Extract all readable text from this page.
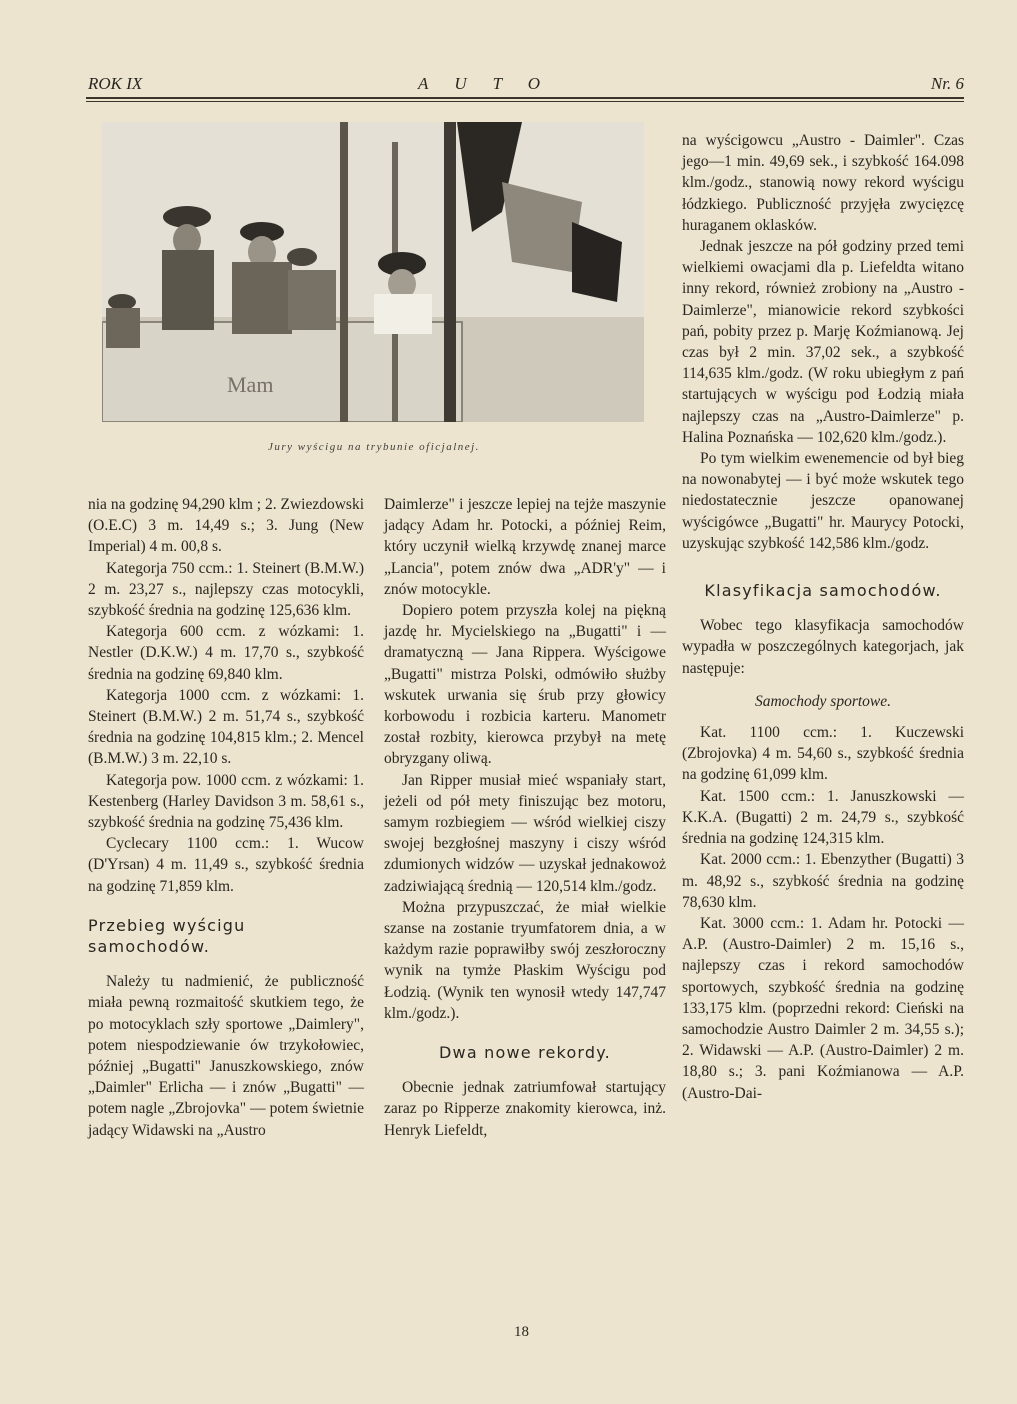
ROK IX	AUTO	Nr. 6
Mam
Jury wyścigu na trybunie oficjalnej.

nia na godzinę 94,290 klm ; 2. Zwiezdowski (O.E.C) 3 m. 14,49 s.; 3. Jung (New Imperial) 4 m. 00,8 s.

Kategorja 750 ccm.: 1. Steinert (B.M.W.) 2 m. 23,27 s., najlepszy czas motocykli, szybkość średnia na godzinę 125,636 klm.

Kategorja 600 ccm. z wózkami: 1. Nestler (D.K.W.) 4 m. 17,70 s., szybkość średnia na godzinę 69,840 klm.

Kategorja 1000 ccm. z wózkami: 1. Steinert (B.M.W.) 2 m. 51,74 s., szybkość średnia na godzinę 104,815 klm.; 2. Mencel (B.M.W.) 3 m. 22,10 s.

Kategorja pow. 1000 ccm. z wózkami: 1. Kestenberg (Harley Davidson 3 m. 58,61 s., szybkość średnia na godzinę 75,436 klm.

Cyclecary 1100 ccm.: 1. Wucow (D'Yrsan) 4 m. 11,49 s., szybkość średnia na godzinę 71,859 klm.

Przebieg wyścigu samochodów.

Należy tu nadmienić, że publiczność miała pewną rozmaitość skutkiem tego, że po motocyklach szły sportowe „Daimlery", potem niespodziewanie ów trzykołowiec, później „Bugatti" Januszkowskiego, znów „Daimler" Erlicha — i znów „Bugatti" — potem nagle „Zbrojovka" — potem świetnie jadący Widawski na „Austro

Daimlerze" i jeszcze lepiej na tejże maszynie jadący Adam hr. Potocki, a później Reim, który uczynił wielką krzywdę znanej marce „Lancia", potem znów dwa „ADR'y" — i znów motocykle.

Dopiero potem przyszła kolej na piękną jazdę hr. Mycielskiego na „Bugatti" i — dramatyczną — Jana Rippera. Wyścigowe „Bugatti" mistrza Polski, odmówiło służby wskutek urwania się śrub przy głowicy korbowodu i rozbicia karteru. Manometr został rozbity, kierowca przybył na metę obryzgany oliwą.

Jan Ripper musiał mieć wspaniały start, jeżeli od pół mety finiszując bez motoru, samym rozbiegiem — wśród wielkiej ciszy swojej bezgłośnej maszyny i ciszy wśród zdumionych widzów — uzyskał jednakowoż zadziwiającą średnią — 120,514 klm./godz.

Można przypuszczać, że miał wielkie szanse na zostanie tryumfatorem dnia, a w każdym razie poprawiłby swój zeszłoroczny wynik na tymże Płaskim Wyścigu pod Łodzią. (Wynik ten wynosił wtedy 147,747 klm./godz.).

Dwa nowe rekordy.

Obecnie jednak zatriumfował startujący zaraz po Ripperze znakomity kierowca, inż. Henryk Liefeldt,

na wyścigowcu „Austro - Daimler". Czas jego—1 min. 49,69 sek., i szybkość 164.098 klm./godz., stanowią nowy rekord wyścigu łódzkiego. Publiczność przyjęła zwycięzcę huraganem oklasków.

Jednak jeszcze na pół godziny przed temi wielkiemi owacjami dla p. Liefeldta witano inny rekord, również zrobiony na „Austro - Daimlerze", mianowicie rekord szybkości pań, pobity przez p. Marję Koźmianową. Jej czas był 2 min. 37,02 sek., a szybkość 114,635 klm./godz. (W roku ubiegłym z pań startujących w wyścigu pod Łodzią miała najlepszy czas na „Austro-Daimlerze" p. Halina Poznańska — 102,620 klm./godz.).

Po tym wielkim ewenemencie od był bieg na nowonabytej — i być może wskutek tego niedostatecznie jeszcze opanowanej wyścigówce „Bugatti" hr. Maurycy Potocki, uzyskując szybkość 142,586 klm./godz.

Klasyfikacja samochodów.

Wobec tego klasyfikacja samochodów wypadła w poszczególnych kategorjach, jak następuje:

Samochody sportowe.

Kat. 1100 ccm.: 1. Kuczewski (Zbrojovka) 4 m. 54,60 s., szybkość średnia na godzinę 61,099 klm.

Kat. 1500 ccm.: 1. Januszkowski — K.K.A. (Bugatti) 2 m. 24,79 s., szybkość średnia na godzinę 124,315 klm.

Kat. 2000 ccm.: 1. Ebenzyther (Bugatti) 3 m. 48,92 s., szybkość średnia na godzinę 78,630 klm.

Kat. 3000 ccm.: 1. Adam hr. Potocki — A.P. (Austro-Daimler) 2 m. 15,16 s., najlepszy czas i rekord samochodów sportowych, szybkość średnia na godzinę 133,175 klm. (poprzedni rekord: Cieński na samochodzie Austro Daimler 2 m. 34,55 s.); 2. Widawski — A.P. (Austro-Daimler) 2 m. 18,80 s.; 3. pani Koźmianowa — A.P. (Austro-Dai-

18
